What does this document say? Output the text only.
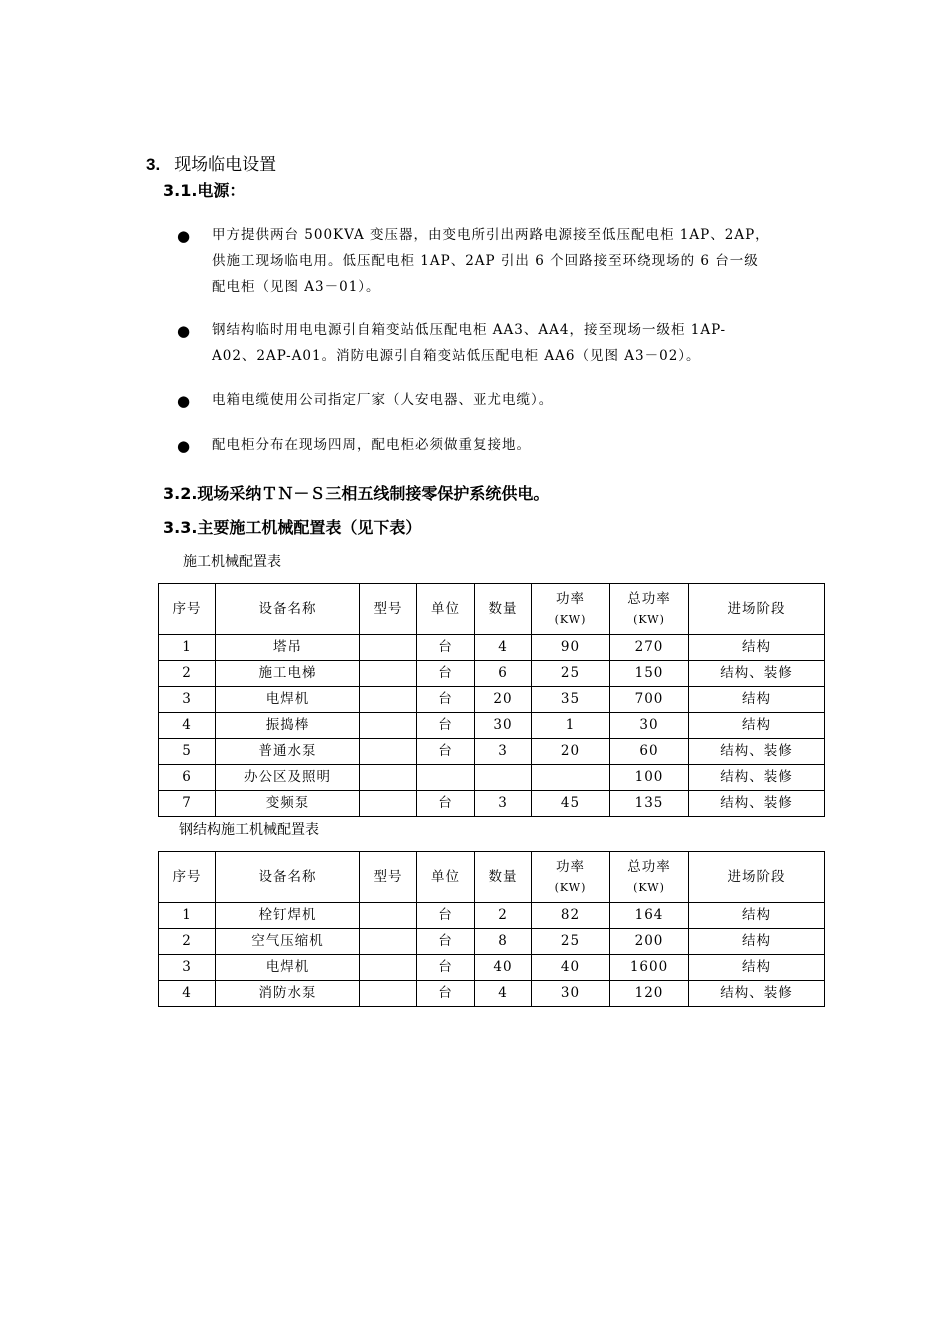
3. 现场临电设置
3.1.电源：
● 甲方提供两台 500KVA 变压器，由变电所引出两路电源接至低压配电柜 1AP、2AP，
供施工现场临电用。低压配电柜 1AP、2AP 引出 6 个回路接至环绕现场的 6 台一级
配电柜（见图 A3－01）。
● 钢结构临时用电电源引自箱变站低压配电柜 AA3、AA4，接至现场一级柜 1AP-
A02、2AP-A01。消防电源引自箱变站低压配电柜 AA6（见图 A3－02）。
● 电箱电缆使用公司指定厂家（人安电器、亚尤电缆）。
● 配电柜分布在现场四周，配电柜必须做重复接地。
3.2.现场采纳ＴＮ－Ｓ三相五线制接零保护系统供电。
3.3.主要施工机械配置表（见下表）
施工机械配置表
序号	设备名称	型号	单位	数量	功率
(KW)	总功率
(KW)	进场阶段
1	塔吊		台	4	90	270	结构
2	施工电梯		台	6	25	150	结构、装修
3	电焊机		台	20	35	700	结构
4	振捣棒		台	30	1	30	结构
5	普通水泵		台	3	20	60	结构、装修
6	办公区及照明					100	结构、装修
7	变频泵		台	3	45	135	结构、装修
钢结构施工机械配置表
序号	设备名称	型号	单位	数量	功率
(KW)	总功率
(KW)	进场阶段
1	栓钉焊机		台	2	82	164	结构
2	空气压缩机		台	8	25	200	结构
3	电焊机		台	40	40	1600	结构
4	消防水泵		台	4	30	120	结构、装修
